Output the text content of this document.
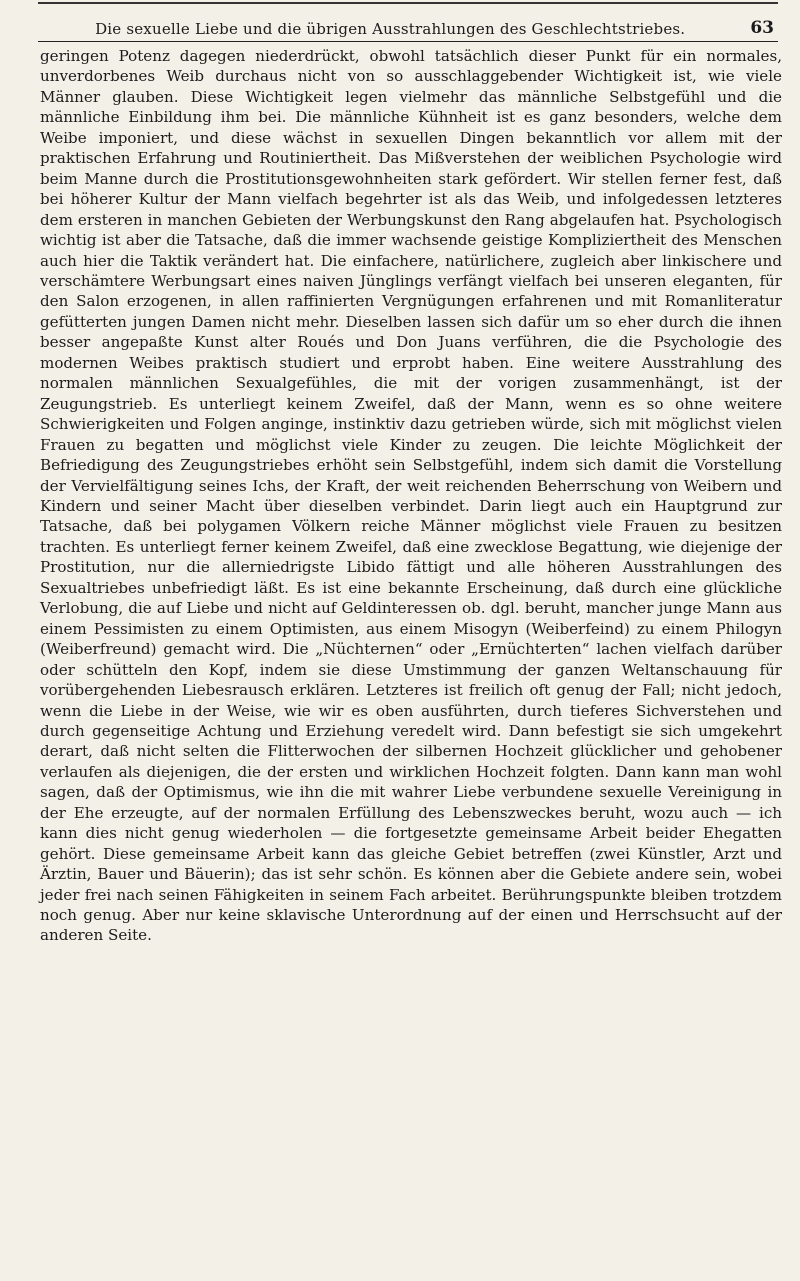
Die sexuelle Liebe und die übrigen Ausstrahlungen des Geschlechtstriebes.	63

geringen Potenz dagegen niederdrückt, obwohl tatsächlich dieser Punkt für ein normales, unverdorbenes Weib durchaus nicht von so ausschlaggebender Wichtigkeit ist, wie viele Männer glauben. Diese Wichtigkeit legen vielmehr das männliche Selbstgefühl und die männliche Einbildung ihm bei. Die männliche Kühnheit ist es ganz besonders, welche dem Weibe imponiert, und diese wächst in sexuellen Dingen bekanntlich vor allem mit der praktischen Erfahrung und Routiniertheit. Das Mißverstehen der weiblichen Psychologie wird beim Manne durch die Prostitutionsgewohnheiten stark gefördert. Wir stellen ferner fest, daß bei höherer Kultur der Mann vielfach begehrter ist als das Weib, und infolgedessen letzteres dem ersteren in manchen Gebieten der Werbungskunst den Rang abgelaufen hat. Psychologisch wichtig ist aber die Tatsache, daß die immer wachsende geistige Kompliziertheit des Menschen auch hier die Taktik verändert hat. Die einfachere, natürlichere, zugleich aber linkischere und verschämtere Werbungsart eines naiven Jünglings verfängt vielfach bei unseren eleganten, für den Salon erzogenen, in allen raffinierten Vergnügungen erfahrenen und mit Romanliteratur gefütterten jungen Damen nicht mehr. Dieselben lassen sich dafür um so eher durch die ihnen besser angepaßte Kunst alter Roués und Don Juans verführen, die die Psychologie des modernen Weibes praktisch studiert und erprobt haben. Eine weitere Ausstrahlung des normalen männlichen Sexualgefühles, die mit der vorigen zusammenhängt, ist der Zeugungstrieb. Es unterliegt keinem Zweifel, daß der Mann, wenn es so ohne weitere Schwierigkeiten und Folgen anginge, instinktiv dazu getrieben würde, sich mit möglichst vielen Frauen zu begatten und möglichst viele Kinder zu zeugen. Die leichte Möglichkeit der Befriedigung des Zeugungstriebes erhöht sein Selbstgefühl, indem sich damit die Vorstellung der Vervielfältigung seines Ichs, der Kraft, der weit reichenden Beherrschung von Weibern und Kindern und seiner Macht über dieselben verbindet. Darin liegt auch ein Hauptgrund zur Tatsache, daß bei polygamen Völkern reiche Männer möglichst viele Frauen zu besitzen trachten. Es unterliegt ferner keinem Zweifel, daß eine zwecklose Begattung, wie diejenige der Prostitution, nur die allerniedrigste Libido fättigt und alle höheren Ausstrahlungen des Sexualtriebes unbefriedigt läßt. Es ist eine bekannte Erscheinung, daß durch eine glückliche Verlobung, die auf Liebe und nicht auf Geldinteressen ob. dgl. beruht, mancher junge Mann aus einem Pessimisten zu einem Optimisten, aus einem Misogyn (Weiberfeind) zu einem Philogyn (Weiberfreund) gemacht wird. Die „Nüchternen“ oder „Ernüchterten“ lachen vielfach darüber oder schütteln den Kopf, indem sie diese Umstimmung der ganzen Weltanschauung für vorübergehenden Liebesrausch erklären. Letzteres ist freilich oft genug der Fall; nicht jedoch, wenn die Liebe in der Weise, wie wir es oben ausführten, durch tieferes Sichverstehen und durch gegenseitige Achtung und Erziehung veredelt wird. Dann befestigt sie sich umgekehrt derart, daß nicht selten die Flitterwochen der silbernen Hochzeit glücklicher und gehobener verlaufen als diejenigen, die der ersten und wirklichen Hochzeit folgten. Dann kann man wohl sagen, daß der Optimismus, wie ihn die mit wahrer Liebe verbundene sexuelle Vereinigung in der Ehe erzeugte, auf der normalen Erfüllung des Lebenszweckes beruht, wozu auch — ich kann dies nicht genug wiederholen — die fortgesetzte gemeinsame Arbeit beider Ehegatten gehört. Diese gemeinsame Arbeit kann das gleiche Gebiet betreffen (zwei Künstler, Arzt und Ärztin, Bauer und Bäuerin); das ist sehr schön. Es können aber die Gebiete andere sein, wobei jeder frei nach seinen Fähigkeiten in seinem Fach arbeitet. Berührungspunkte bleiben trotzdem noch genug. Aber nur keine sklavische Unterordnung auf der einen und Herrschsucht auf der anderen Seite.
